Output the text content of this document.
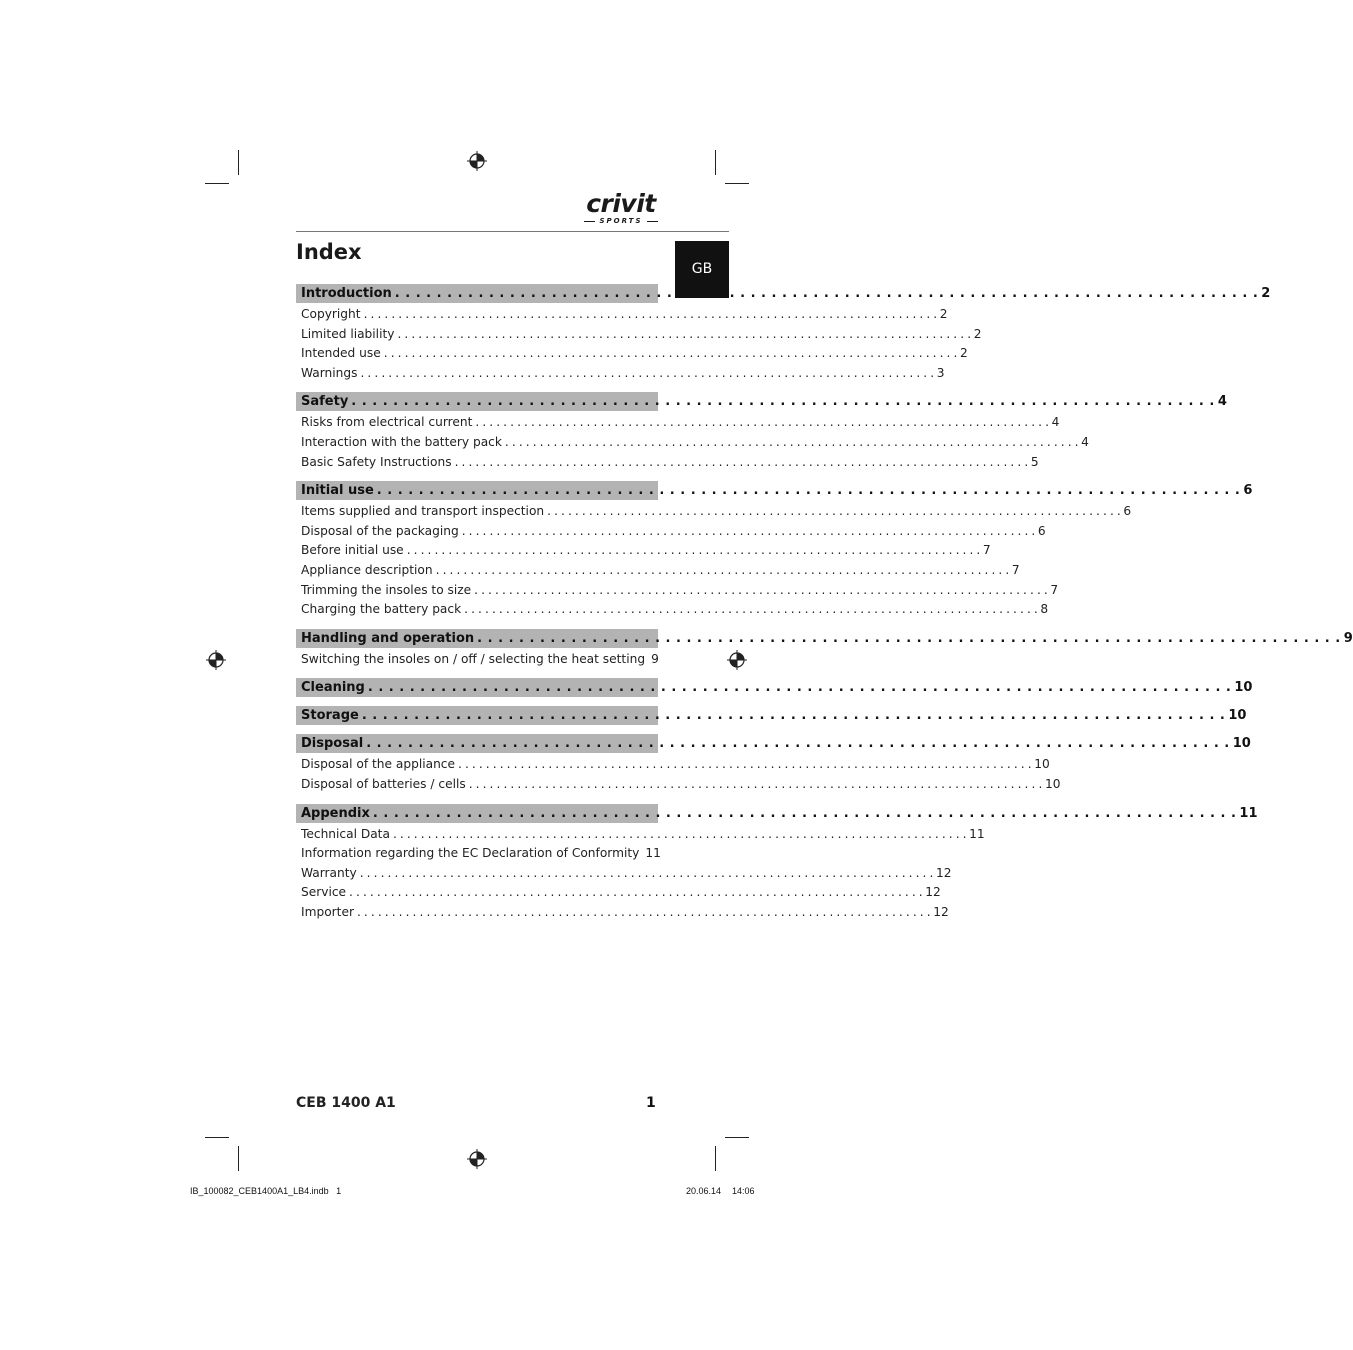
crivit
SPORTS
Index
GB
Introduction . . .	2
Copyright . . .	2
Limited liability . . .	2
Intended use . . .	2
Warnings . . .	3
Safety . . .	4
Risks from electrical current . . .	4
Interaction with the battery pack . . .	4
Basic Safety Instructions . . .	5
Initial use . . .	6
Items supplied and transport inspection . . .	6
Disposal of the packaging . . .	6
Before initial use . . .	7
Appliance description . . .	7
Trimming the insoles to size . . .	7
Charging the battery pack . . .	8
Handling and operation . . .	9
Switching the insoles on / off / selecting the heat setting 9
Cleaning . . .	10
Storage . . .	10
Disposal . . .	10
Disposal of the appliance . . .	10
Disposal of batteries / cells . . .	10
Appendix . . .	11
Technical Data . . .	11
Information regarding the EC Declaration of Conformity 11
Warranty . . .	12
Service . . .	12
Importer . . .	12
CEB 1400 A1	1
IB_100082_CEB1400A1_LB4.indb   1	20.06.14 14:06
